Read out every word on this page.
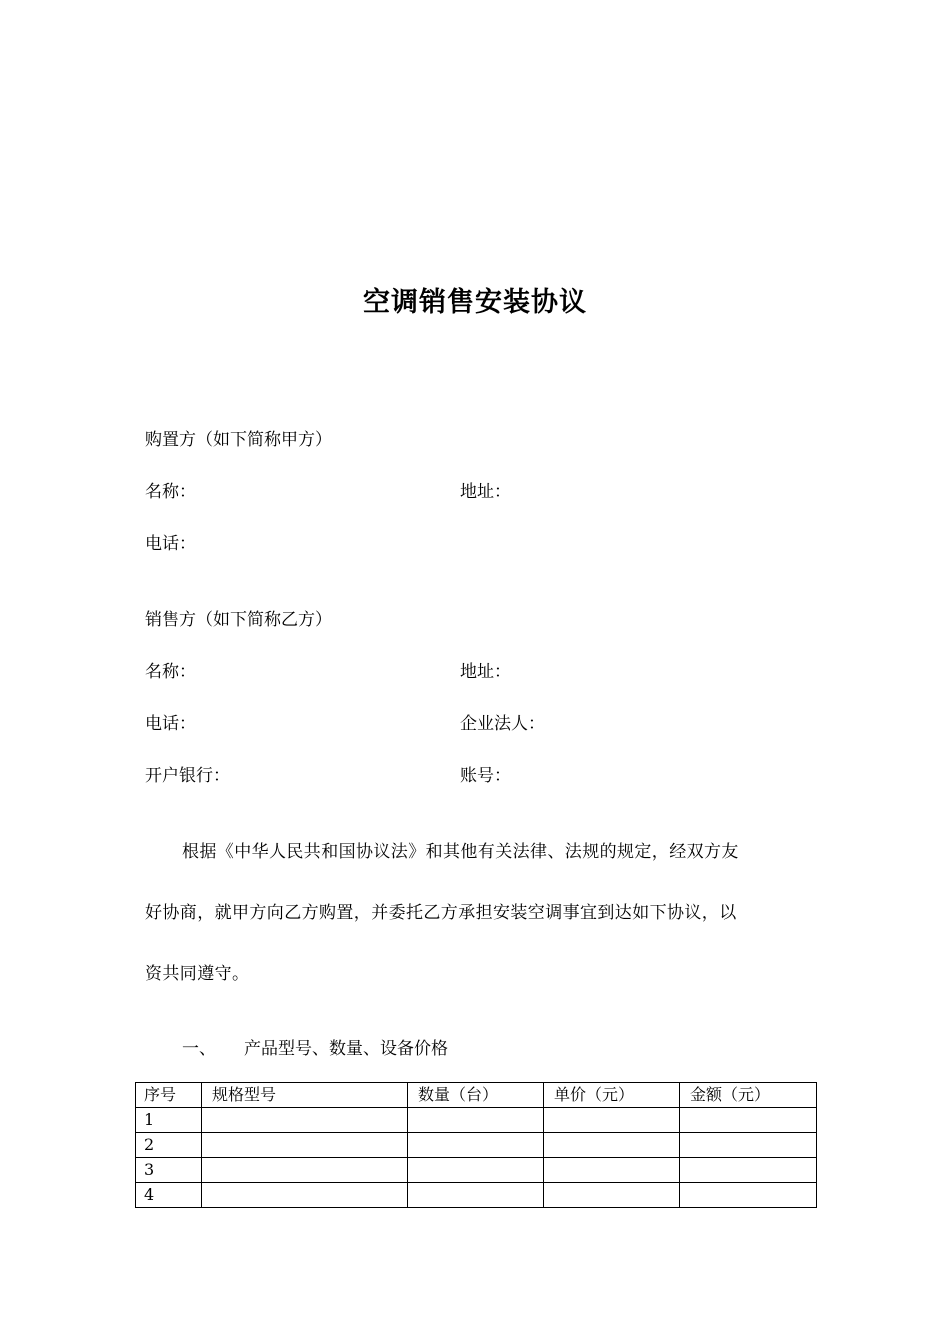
空调销售安装协议
购置方（如下简称甲方）
名称：	地址：
电话：
销售方（如下简称乙方）
名称：	地址：
电话：	企业法人：
开户银行：	账号：
根据《中华人民共和国协议法》和其他有关法律、法规的规定，经双方友
好协商，就甲方向乙方购置，并委托乙方承担安装空调事宜到达如下协议，以
资共同遵守。
一、 产品型号、数量、设备价格
序号	规格型号	数量（台）	单价（元）	金额（元）
1				
2				
3				
4				
